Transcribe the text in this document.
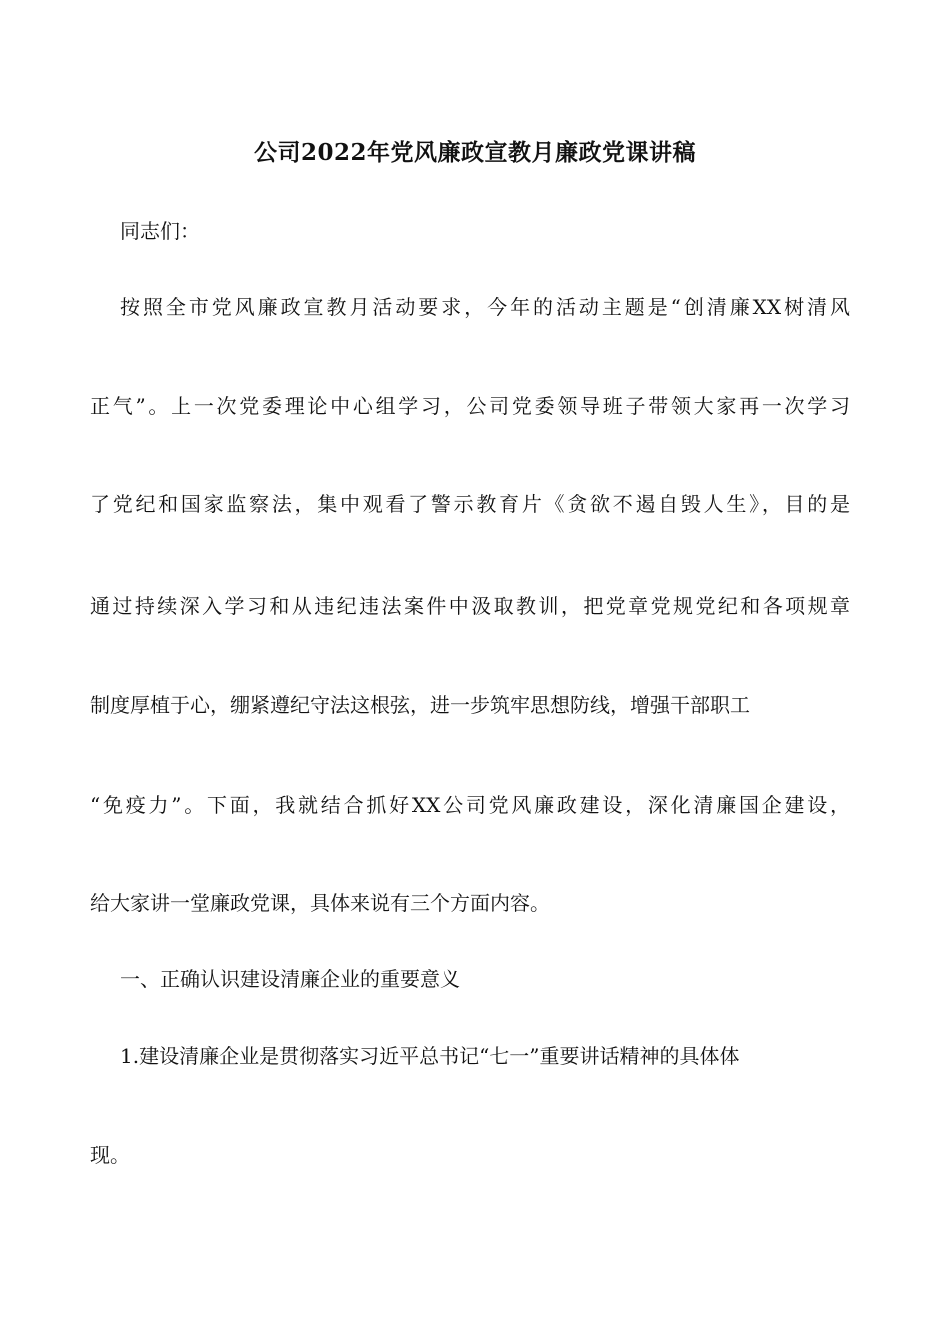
公司2022年党风廉政宣教月廉政党课讲稿
同志们：
按照全市党风廉政宣教月活动要求，今年的活动主题是“创清廉XX树清风
正气”。上一次党委理论中心组学习，公司党委领导班子带领大家再一次学习
了党纪和国家监察法，集中观看了警示教育片《贪欲不遏自毁人生》，目的是
通过持续深入学习和从违纪违法案件中汲取教训，把党章党规党纪和各项规章
制度厚植于心，绷紧遵纪守法这根弦，进一步筑牢思想防线，增强干部职工
“免疫力”。下面，我就结合抓好XX公司党风廉政建设，深化清廉国企建设，
给大家讲一堂廉政党课，具体来说有三个方面内容。
一、正确认识建设清廉企业的重要意义
1.建设清廉企业是贯彻落实习近平总书记“七一”重要讲话精神的具体体
现。
